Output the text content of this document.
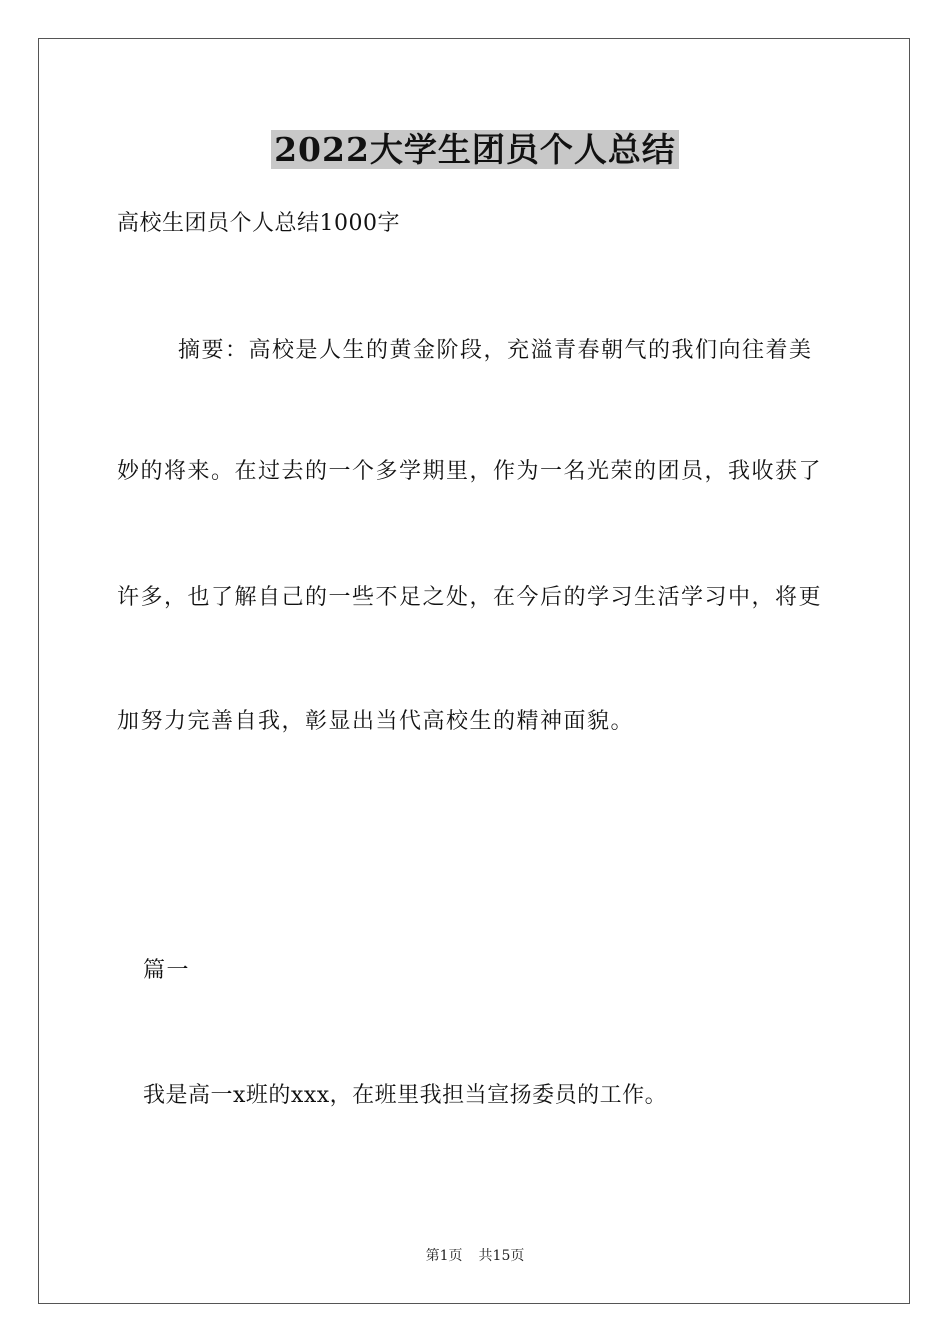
2022大学生团员个人总结
高校生团员个人总结1000字
摘要：高校是人生的黄金阶段，充溢青春朝气的我们向往着美
妙的将来。在过去的一个多学期里，作为一名光荣的团员，我收获了
许多，也了解自己的一些不足之处，在今后的学习生活学习中，将更
加努力完善自我，彰显出当代高校生的精神面貌。
篇一
我是高一x班的xxx，在班里我担当宣扬委员的工作。
第1页 共15页
